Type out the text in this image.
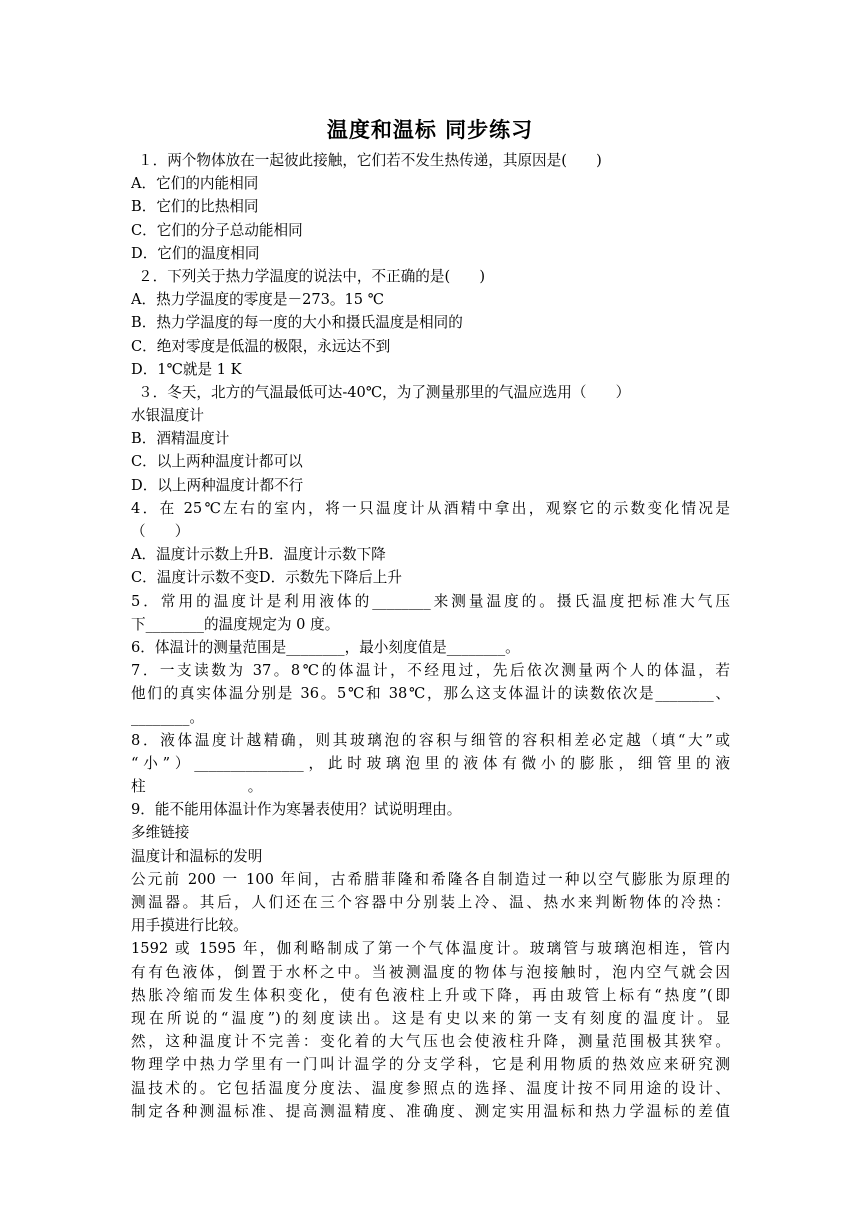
温度和温标 同步练习
１．两个物体放在一起彼此接触，它们若不发生热传递，其原因是(　　)
A．它们的内能相同
B．它们的比热相同
C．它们的分子总动能相同
D．它们的温度相同
２．下列关于热力学温度的说法中，不正确的是(　　)
A．热力学温度的零度是－273。15 ℃
B．热力学温度的每一度的大小和摄氏温度是相同的
C．绝对零度是低温的极限，永远达不到
D．1℃就是 1 K
３．冬天，北方的气温最低可达-40℃，为了测量那里的气温应选用（　　）
水银温度计
B．酒精温度计
C．以上两种温度计都可以
D．以上两种温度计都不行
4．在 25℃左右的室内，将一只温度计从酒精中拿出，观察它的示数变化情况是
（　　）
A．温度计示数上升B．温度计示数下降
C．温度计示数不变D．示数先下降后上升
5．常用的温度计是利用液体的________来测量温度的。摄氏温度把标准大气压
下________的温度规定为 0 度。
6．体温计的测量范围是________，最小刻度值是________。
7．一支读数为 37。8℃的体温计，不经甩过，先后依次测量两个人的体温，若
他们的真实体温分别是 36。5℃和 38℃，那么这支体温计的读数依次是________、
________。
8．液体温度计越精确，则其玻璃泡的容积与细管的容积相差必定越（填“大”或
“小”）_______________，此时玻璃泡里的液体有微小的膨胀，细管里的液
柱　　　　　　　。
9．能不能用体温计作为寒暑表使用？试说明理由。
多维链接
温度计和温标的发明
公元前 200 一 100 年间，古希腊菲隆和希隆各自制造过一种以空气膨胀为原理的
测温器。其后，人们还在三个容器中分别装上冷、温、热水来判断物体的冷热：
用手摸进行比较。
1592 或 1595 年，伽利略制成了第一个气体温度计。玻璃管与玻璃泡相连，管内
有有色液体，倒置于水杯之中。当被测温度的物体与泡接触时，泡内空气就会因
热胀冷缩而发生体积变化，使有色液柱上升或下降，再由玻管上标有“热度”(即
现在所说的“温度”)的刻度读出。这是有史以来的第一支有刻度的温度计。显
然，这种温度计不完善：变化着的大气压也会使液柱升降，测量范围极其狭窄。
物理学中热力学里有一门叫计温学的分支学科，它是利用物质的热效应来研究测
温技术的。它包括温度分度法、温度参照点的选择、温度计按不同用途的设计、
制定各种测温标准、提高测温精度、准确度、测定实用温标和热力学温标的差值
